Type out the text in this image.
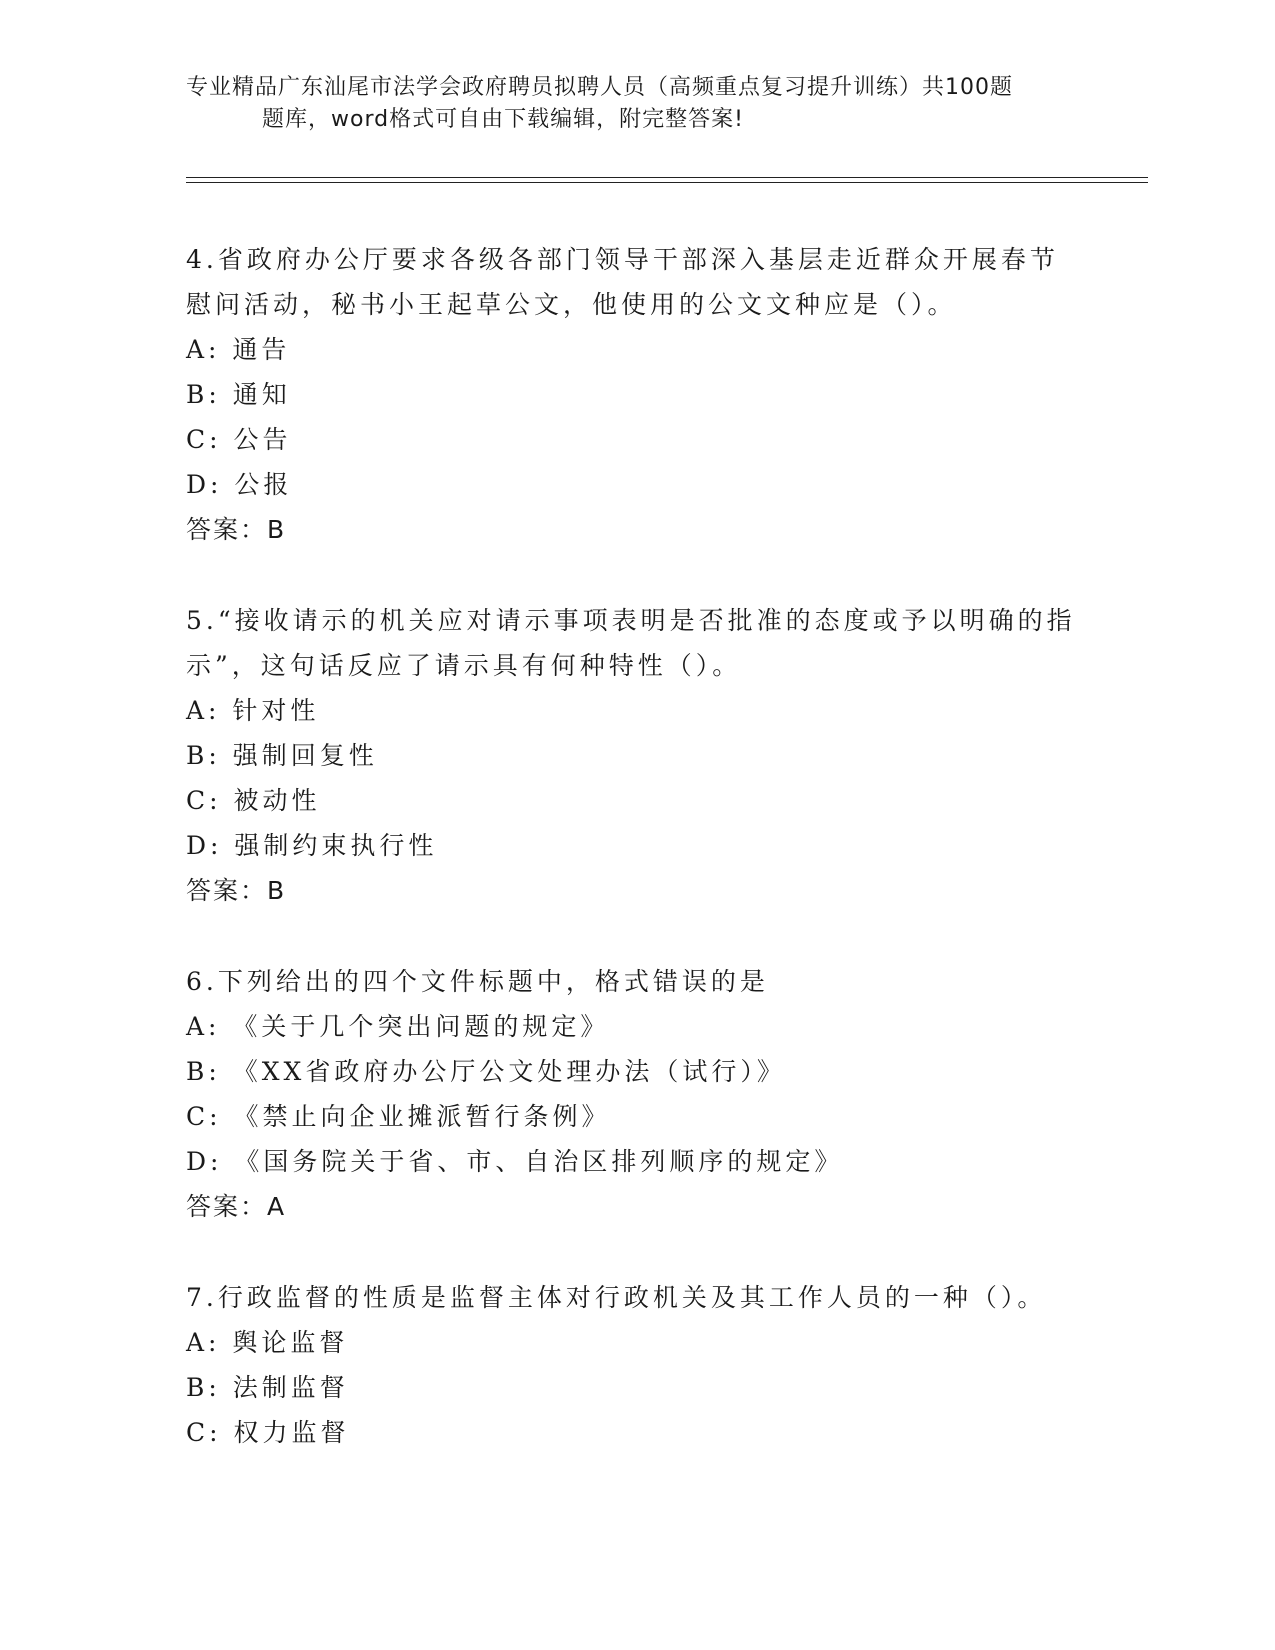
专业精品广东汕尾市法学会政府聘员拟聘人员（高频重点复习提升训练）共100题
题库，word格式可自由下载编辑，附完整答案!

4.省政府办公厅要求各级各部门领导干部深入基层走近群众开展春节慰问活动，秘书小王起草公文，他使用的公文文种应是（）。

A: 通告

B: 通知

C: 公告

D: 公报

答案：B

5.“接收请示的机关应对请示事项表明是否批准的态度或予以明确的指示”，这句话反应了请示具有何种特性（）。

A: 针对性

B: 强制回复性

C: 被动性

D: 强制约束执行性

答案：B

6.下列给出的四个文件标题中，格式错误的是

A: 《关于几个突出问题的规定》

B: 《XX省政府办公厅公文处理办法（试行）》

C: 《禁止向企业摊派暂行条例》

D: 《国务院关于省、市、自治区排列顺序的规定》

答案：A

7.行政监督的性质是监督主体对行政机关及其工作人员的一种（）。

A: 舆论监督

B: 法制监督

C: 权力监督
